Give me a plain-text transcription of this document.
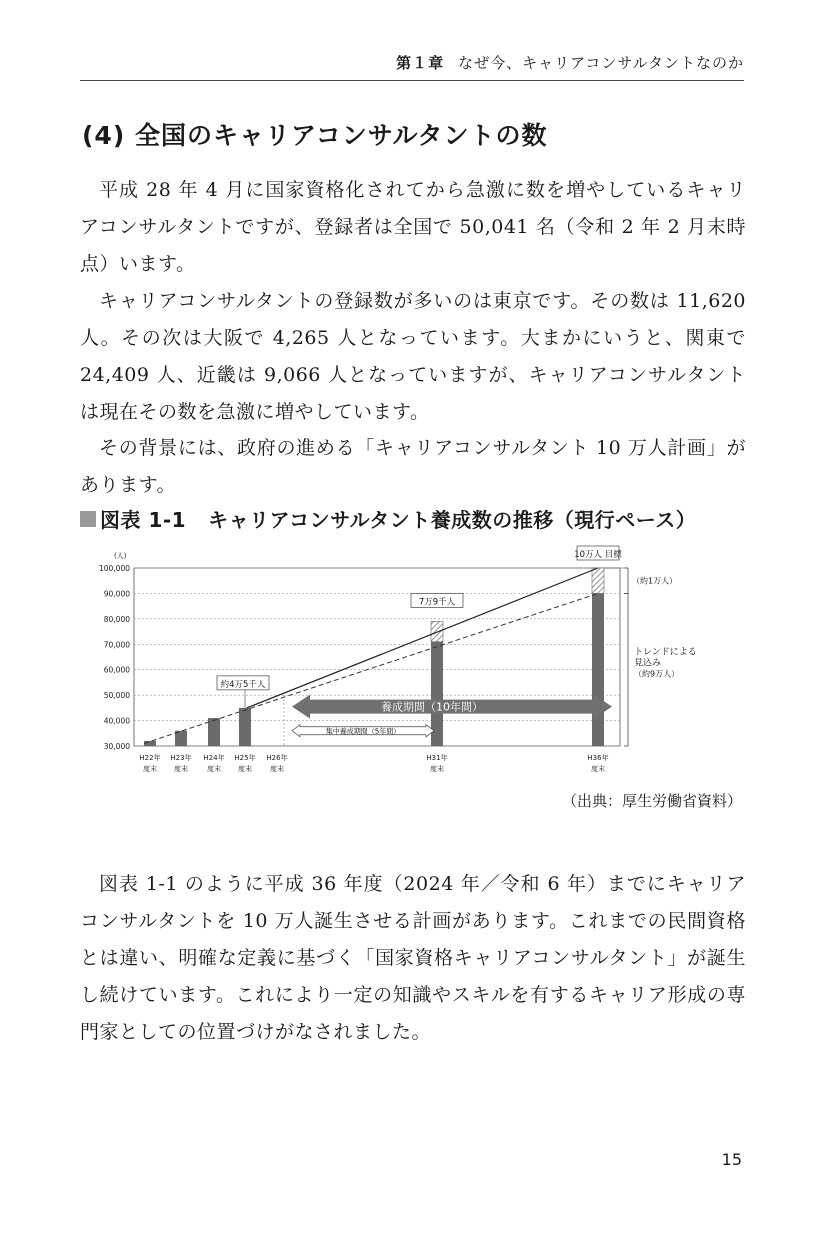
第１章 なぜ今、キャリアコンサルタントなのか
(4) 全国のキャリアコンサルタントの数

平成 28 年 4 月に国家資格化されてから急激に数を増やしているキャリアコンサルタントですが、登録者は全国で 50,041 名（令和 2 年 2 月末時点）います。

キャリアコンサルタントの登録数が多いのは東京です。その数は 11,620 人。その次は大阪で 4,265 人となっています。大まかにいうと、関東で 24,409 人、近畿は 9,066 人となっていますが、キャリアコンサルタントは現在その数を急激に増やしています。

その背景には、政府の進める「キャリアコンサルタント 10 万人計画」があります。

図表 1-1 キャリアコンサルタント養成数の推移（現行ペース）
30,000
40,000
50,000
60,000
70,000
80,000
90,000
100,000
(人)
H22年
度末
H23年
度末
H24年
度末
H25年
度末
H26年
度末
H31年
度末
H36年
度末
約4万5千人
7万9千人
10万人 目標
（約1万人）
トレンドによる
見込み
（約9万人）
養成期間（10年間）
集中養成期間（5年間）
（出典：厚生労働省資料）

図表 1-1 のように平成 36 年度（2024 年／令和 6 年）までにキャリアコンサルタントを 10 万人誕生させる計画があります。これまでの民間資格とは違い、明確な定義に基づく「国家資格キャリアコンサルタント」が誕生し続けています。これにより一定の知識やスキルを有するキャリア形成の専門家としての位置づけがなされました。

15
